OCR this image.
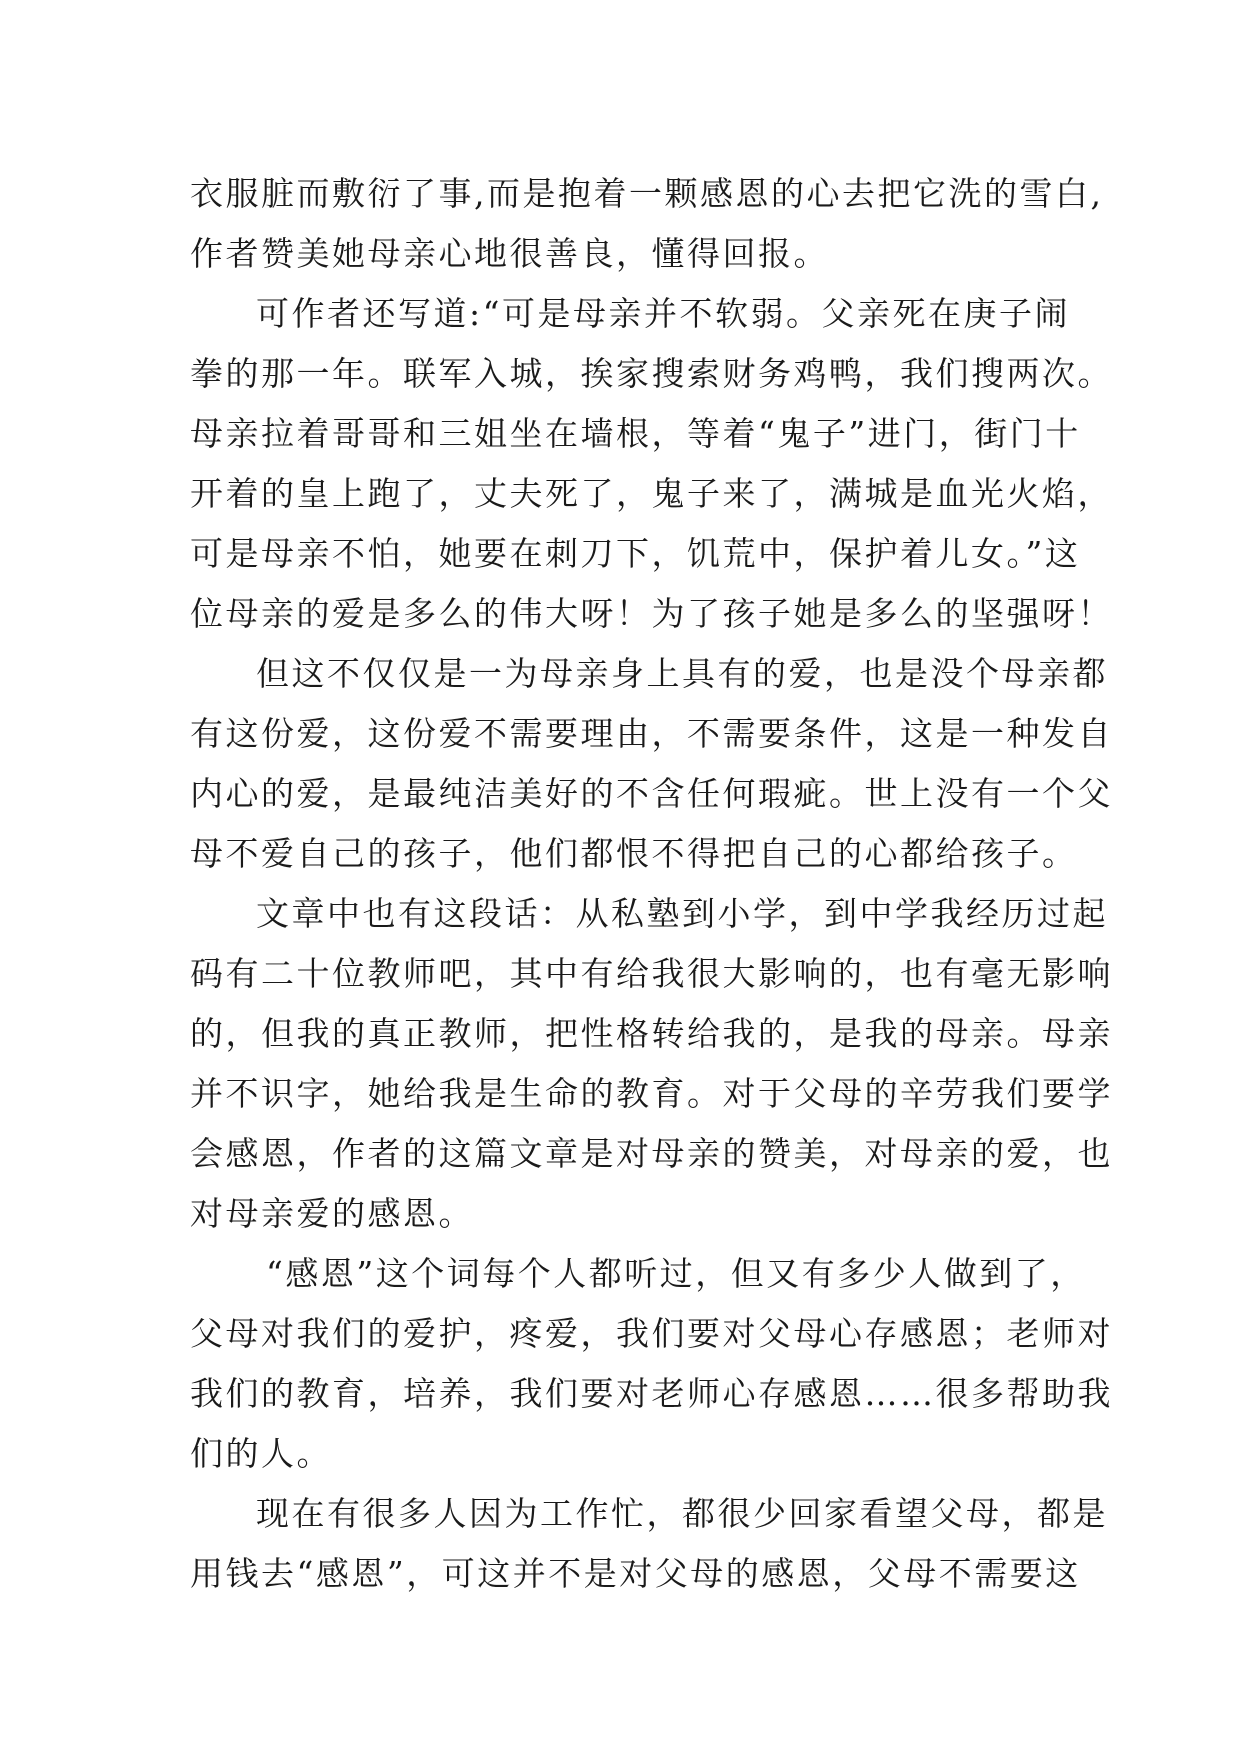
衣服脏而敷衍了事,而是抱着一颗感恩的心去把它洗的雪白,
作者赞美她母亲心地很善良，懂得回报。
可作者还写道:“可是母亲并不软弱。父亲死在庚子闹
拳的那一年。联军入城，挨家搜索财务鸡鸭，我们搜两次。
母亲拉着哥哥和三姐坐在墙根，等着“鬼子”进门，街门十
开着的皇上跑了，丈夫死了，鬼子来了，满城是血光火焰，
可是母亲不怕，她要在刺刀下，饥荒中，保护着儿女。”这
位母亲的爱是多么的伟大呀！为了孩子她是多么的坚强呀！
但这不仅仅是一为母亲身上具有的爱，也是没个母亲都
有这份爱，这份爱不需要理由，不需要条件，这是一种发自
内心的爱，是最纯洁美好的不含任何瑕疵。世上没有一个父
母不爱自己的孩子，他们都恨不得把自己的心都给孩子。
文章中也有这段话：从私塾到小学，到中学我经历过起
码有二十位教师吧，其中有给我很大影响的，也有毫无影响
的，但我的真正教师，把性格转给我的，是我的母亲。母亲
并不识字，她给我是生命的教育。对于父母的辛劳我们要学
会感恩，作者的这篇文章是对母亲的赞美，对母亲的爱，也
对母亲爱的感恩。
“感恩”这个词每个人都听过，但又有多少人做到了，
父母对我们的爱护，疼爱，我们要对父母心存感恩；老师对
我们的教育，培养，我们要对老师心存感恩……很多帮助我
们的人。
现在有很多人因为工作忙，都很少回家看望父母，都是
用钱去“感恩”，可这并不是对父母的感恩，父母不需要这
